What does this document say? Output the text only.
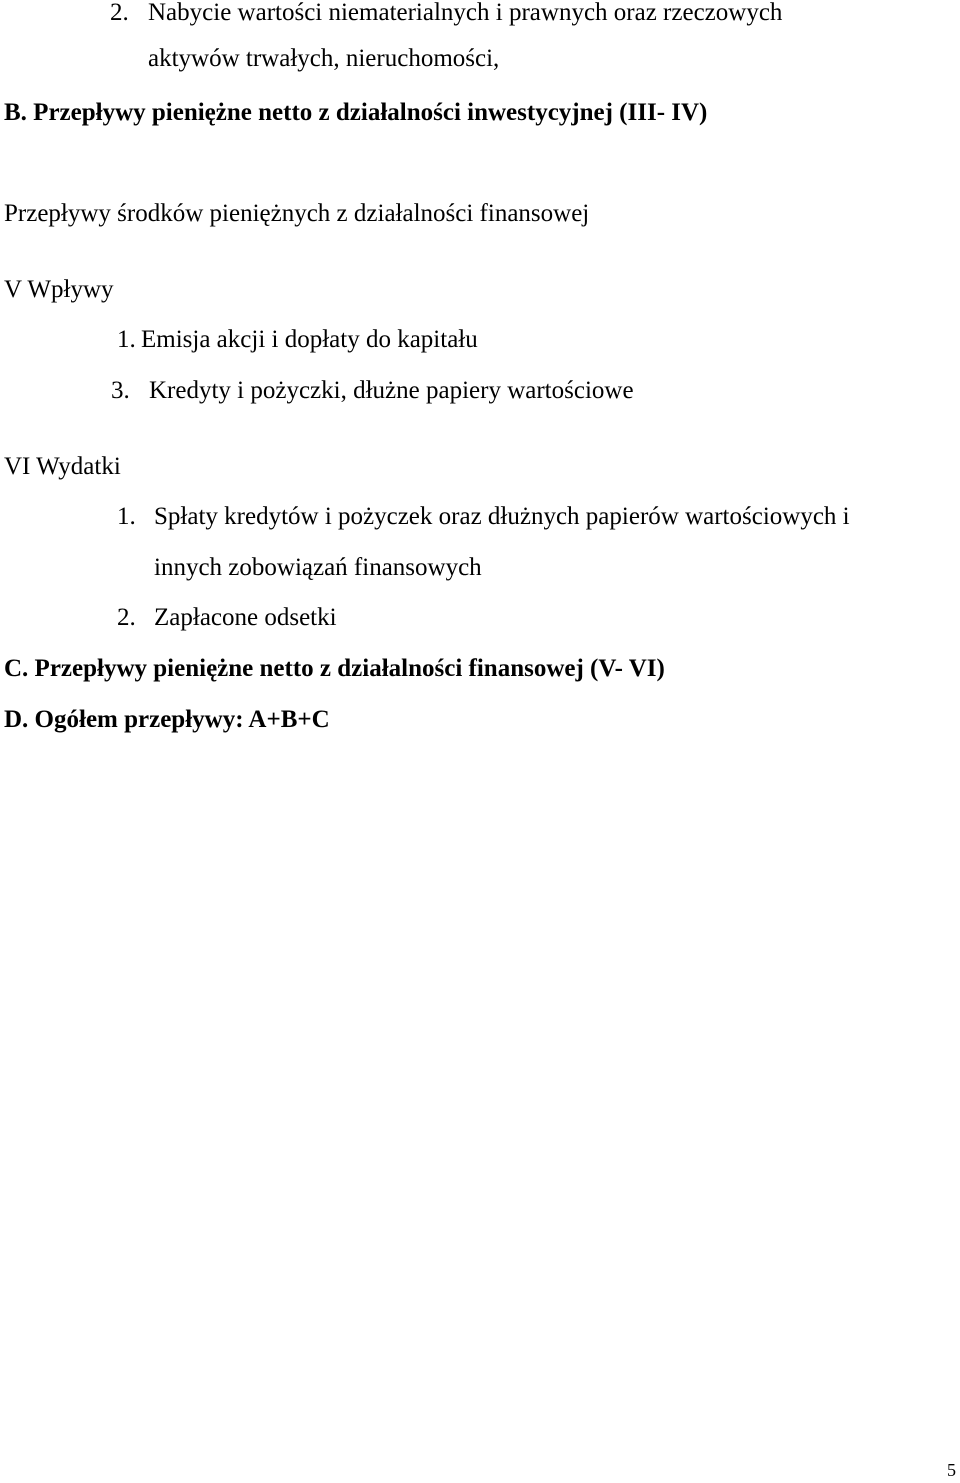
2. Nabycie wartości niematerialnych i prawnych oraz rzeczowych
aktywów trwałych, nieruchomości,
B. Przepływy pieniężne netto z działalności inwestycyjnej (III- IV)
Przepływy środków pieniężnych z działalności finansowej
V Wpływy
1. Emisja akcji i dopłaty do kapitału
3. Kredyty i pożyczki, dłużne papiery wartościowe
VI Wydatki
1. Spłaty kredytów i pożyczek oraz dłużnych papierów wartościowych i
innych zobowiązań finansowych
2. Zapłacone odsetki
C. Przepływy pieniężne netto z działalności finansowej (V- VI)
D. Ogółem przepływy: A+B+C
5
